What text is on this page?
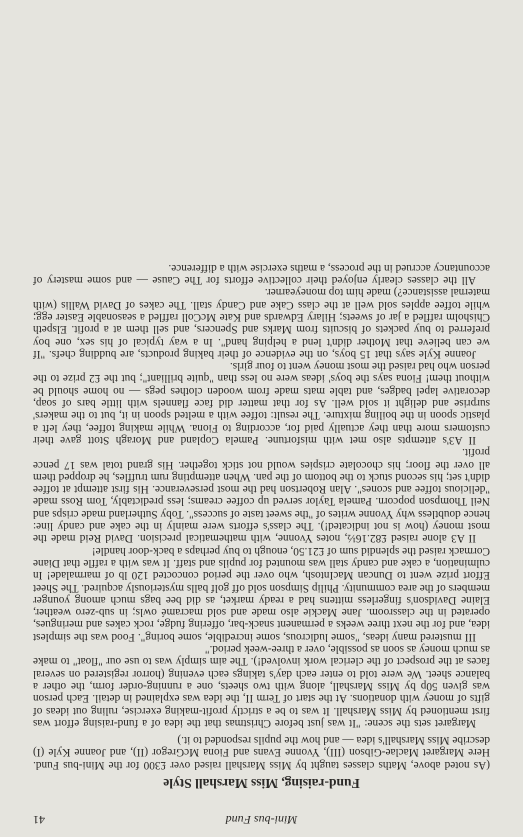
Mini-bus Fund
41
Fund-raising, Miss Marshall Style

(As noted above, Maths classes taught by Miss Marshall raised over £300 for the Mini-bus Fund. Here Margaret Maclae-Gibson (III), Yvonne Evans and Fiona McGregor (II), and Joanne Kyle (I) describe Miss Marshall's idea — and how the pupils responded to it.)

Margaret sets the scene: "It was just before Christmas that the idea of a fund-raising effort was first mentioned by Miss Marshall. It was to be a strictly profit-making exercise, ruling out ideas of gifts of money with donations. At the start of Term II, the idea was explained in detail. Each person was given 50p by Miss Marshall, along with two sheets, one a running-order form, the other a balance sheet. We were told to enter each day's takings each evening (horror registered on several faces at the prospect of the clerical work involved!). The aim simply was to use our "float" to make as much money as soon as possible, over a three-week period."

III mustered many ideas, "some ludicrous, some incredible, some boring". Food was the simplest idea, and for the next three weeks a permanent snack-bar, offering fudge, rock cakes and meringues, operated in the classroom. Jane Mackie also made and sold macramé owls; in sub-zero weather, Elaine Davidson's fingerless mittens had a ready market, as did bee bags much among younger members of the area community. Philip Simpson sold off golf balls mysteriously acquired. The Sheet Effort prize went to Duncan MacIntosh, who over the period concocted 120 lb of marmalade! In culmination, a cake and candy stall was mounted for pupils and staff. It was with a raffle that Diane Cormack raised the splendid sum of £21.50, enough to buy perhaps a back-door handle!

II A3 alone raised £82.16½, notes Yvonne, with mathematical precision. David Reid made the most money (how is not indicated!). The class's efforts were mainly in the cake and candy line: hence doubtless why Yvonne writes of "the sweet taste of success". Toby Sutherland made crisps and Neil Thompson popcorn. Pamela Taylor served up coffee creams; less predictably, Tom Ross made "delicious toffee and scones". Alan Robertson had the most perseverance. His first attempt at toffee didn't set; his second stuck to the bottom of the pan. When attempting rum truffles, he dropped them all over the floor; his chocolate crispies would not stick together. His grand total was 17 pence profit.

II A3's attempts also met with misfortune. Pamela Copland and Moragh Stott gave their customers more than they actually paid for, according to Fiona. While making toffee, they left a plastic spoon in the boiling mixture. The result: toffee with a melted spoon in it, but to the makers' surprise and delight it sold well. As for that matter did face flannels with little bars of soap, decorative lapel badges, and table mats made from wooden clothes pegs — no home should be without them! Fiona says the boys' ideas were no less than "quite brilliant"; but the £2 prize to the person who had raised the most money went to four girls.

Joanne Kyle says that 15 boys, on the evidence of their baking products, are budding chefs. "If we can believe that Mother didn't lend a helping hand". In a way typical of his sex, one boy preferred to buy packets of biscuits from Marks and Spencers, and sell them at a profit. Elspeth Chisholm raffled a jar of sweets; Hilary Edwards and Kate McColl raffled a seasonable Easter egg; while toffee apples sold well at the class Cake and Candy stall. The cakes of David Wallis (with maternal assistance?) made him top moneyearner.

All the classes clearly enjoyed their collective efforts for The Cause — and some mastery of accountancy accrued in the process, a maths exercise with a difference.
